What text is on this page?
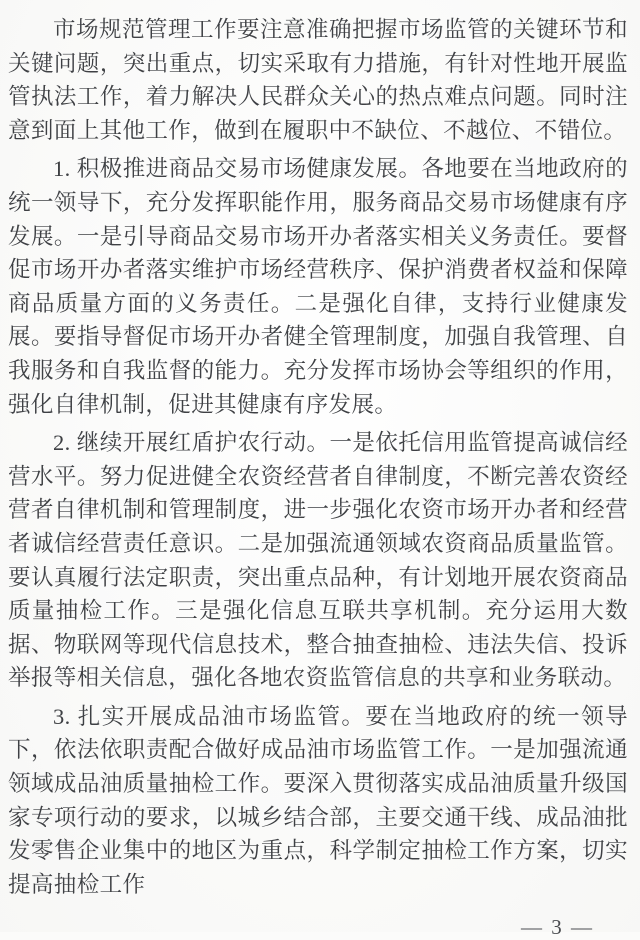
市场规范管理工作要注意准确把握市场监管的关键环节和关键问题，突出重点，切实采取有力措施，有针对性地开展监管执法工作，着力解决人民群众关心的热点难点问题。同时注意到面上其他工作，做到在履职中不缺位、不越位、不错位。

1. 积极推进商品交易市场健康发展。各地要在当地政府的统一领导下，充分发挥职能作用，服务商品交易市场健康有序发展。一是引导商品交易市场开办者落实相关义务责任。要督促市场开办者落实维护市场经营秩序、保护消费者权益和保障商品质量方面的义务责任。二是强化自律，支持行业健康发展。要指导督促市场开办者健全管理制度，加强自我管理、自我服务和自我监督的能力。充分发挥市场协会等组织的作用，强化自律机制，促进其健康有序发展。

2. 继续开展红盾护农行动。一是依托信用监管提高诚信经营水平。努力促进健全农资经营者自律制度，不断完善农资经营者自律机制和管理制度，进一步强化农资市场开办者和经营者诚信经营责任意识。二是加强流通领域农资商品质量监管。要认真履行法定职责，突出重点品种，有计划地开展农资商品质量抽检工作。三是强化信息互联共享机制。充分运用大数据、物联网等现代信息技术，整合抽查抽检、违法失信、投诉举报等相关信息，强化各地农资监管信息的共享和业务联动。

3. 扎实开展成品油市场监管。要在当地政府的统一领导下，依法依职责配合做好成品油市场监管工作。一是加强流通领域成品油质量抽检工作。要深入贯彻落实成品油质量升级国家专项行动的要求，以城乡结合部，主要交通干线、成品油批发零售企业集中的地区为重点，科学制定抽检工作方案，切实提高抽检工作

— 3 —
